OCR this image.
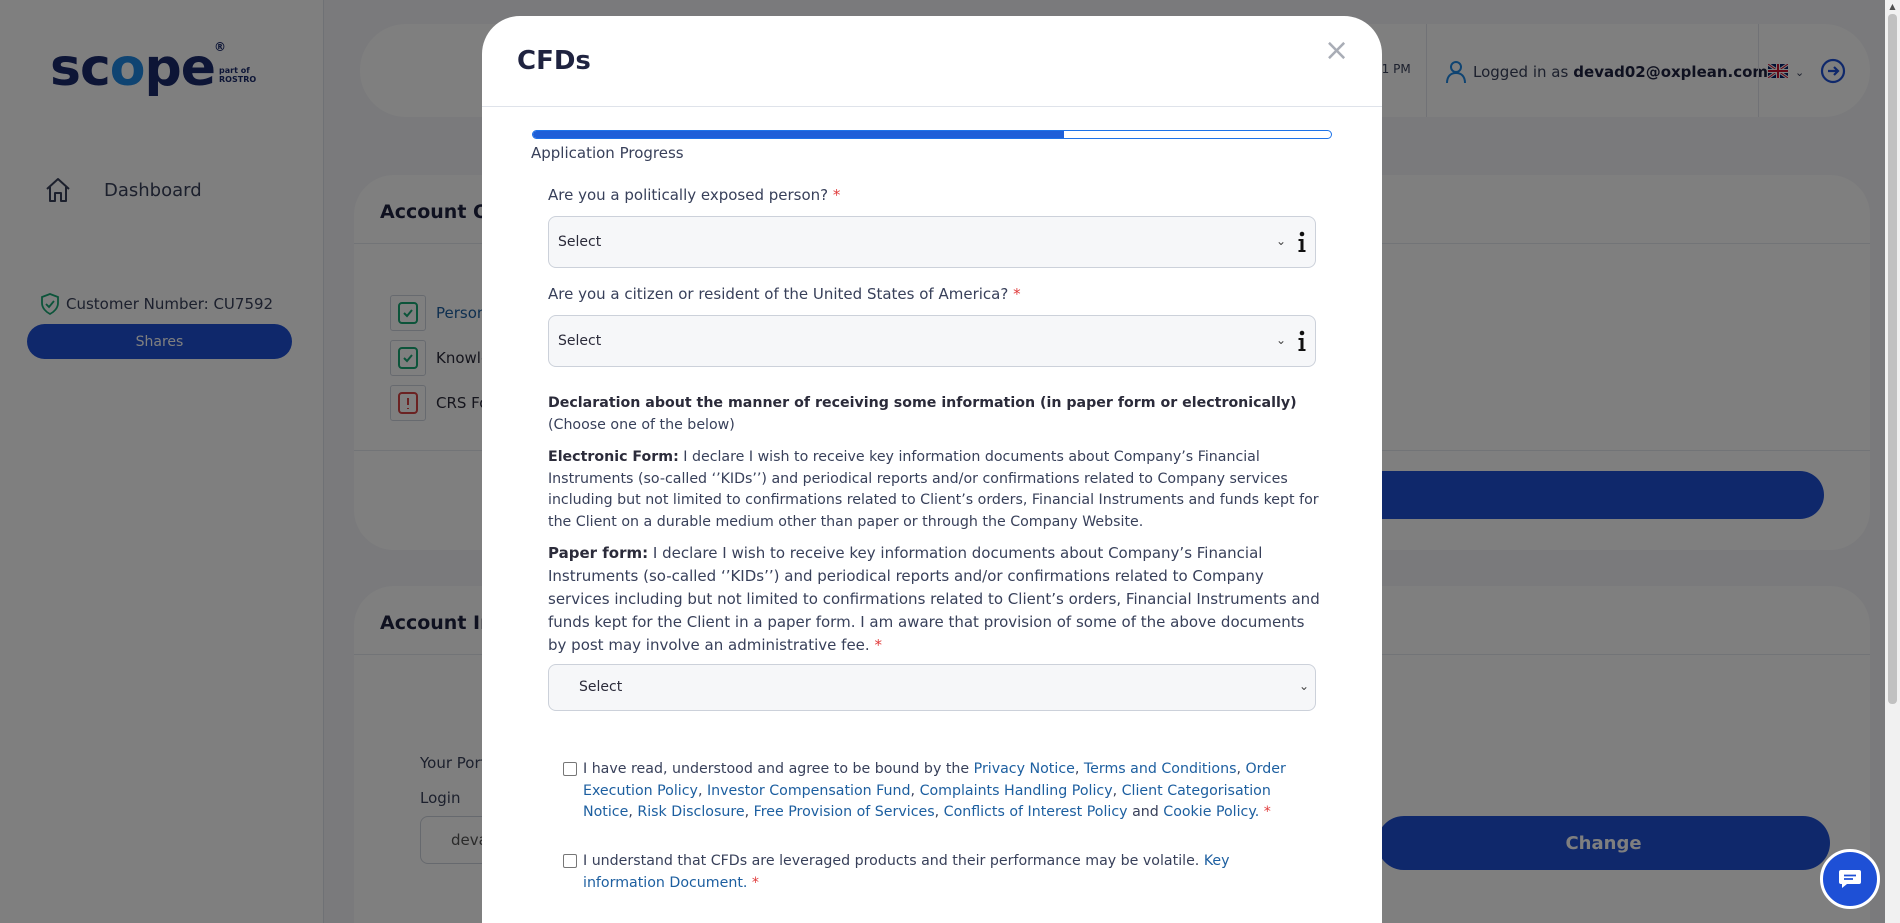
CFDs	×
Application Progress
Are you a politically exposed person? *
Select	⌄
Are you a citizen or resident of the United States of America? *
Select	⌄
Declaration about the manner of receiving some information (in paper form or electronically) (Choose one of the below)
Electronic Form: I declare I wish to receive key information documents about Company’s Financial Instruments (so-called ‘’KIDs’’) and periodical reports and/or confirmations related to Company services including but not limited to confirmations related to Client’s orders, Financial Instruments and funds kept for the Client on a durable medium other than paper or through the Company Website.
Paper form: I declare I wish to receive key information documents about Company’s Financial Instruments (so-called ‘’KIDs’’) and periodical reports and/or confirmations related to Company services including but not limited to confirmations related to Client’s orders, Financial Instruments and funds kept for the Client in a paper form. I am aware that provision of some of the above documents by post may involve an administrative fee. *
Select	⌄
I have read, understood and agree to be bound by the Privacy Notice, Terms and Conditions, Order Execution Policy, Investor Compensation Fund, Complaints Handling Policy, Client Categorisation Notice, Risk Disclosure, Free Provision of Services, Conflicts of Interest Policy and Cookie Policy. *
I understand that CFDs are leveraged products and their performance may be volatile. Key information Document. *
▲
